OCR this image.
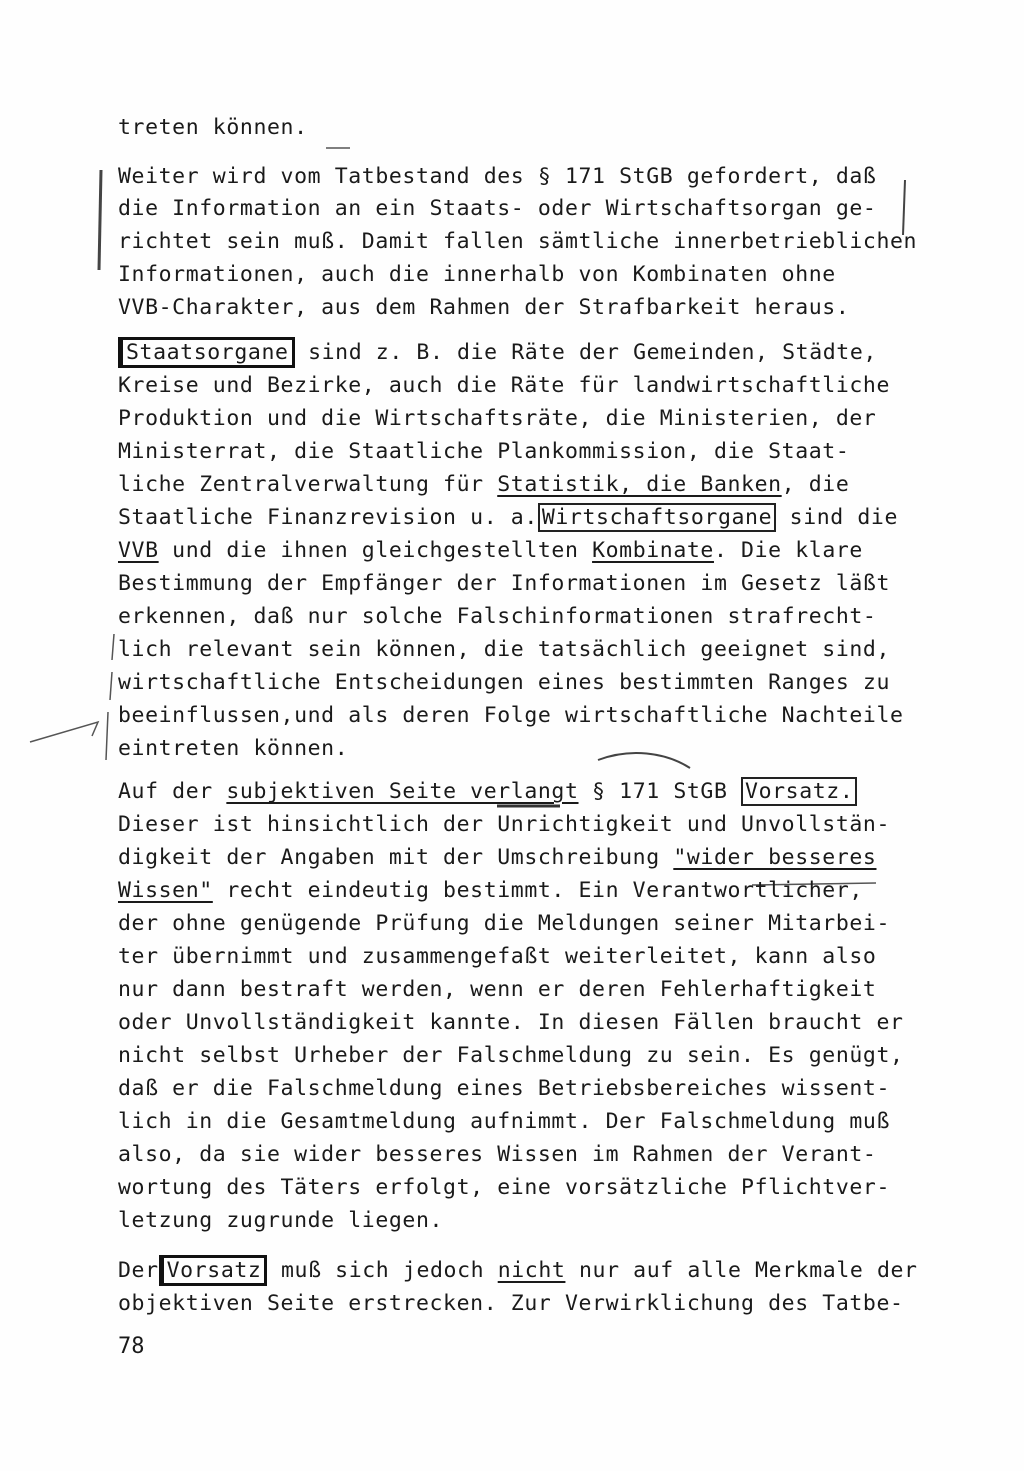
treten können.
Weiter wird vom Tatbestand des § 171 StGB gefordert, daß
die Information an ein Staats- oder Wirtschaftsorgan ge-
richtet sein muß. Damit fallen sämtliche innerbetrieblichen
Informationen, auch die innerhalb von Kombinaten ohne
VVB-Charakter, aus dem Rahmen der Strafbarkeit heraus.
Staatsorgane sind z. B. die Räte der Gemeinden, Städte,
Kreise und Bezirke, auch die Räte für landwirtschaftliche
Produktion und die Wirtschaftsräte, die Ministerien, der
Ministerrat, die Staatliche Plankommission, die Staat-
liche Zentralverwaltung für Statistik, die Banken, die
Staatliche Finanzrevision u. a. Wirtschaftsorgane sind die
VVB und die ihnen gleichgestellten Kombinate. Die klare
Bestimmung der Empfänger der Informationen im Gesetz läßt
erkennen, daß nur solche Falschinformationen strafrecht-
lich relevant sein können, die tatsächlich geeignet sind,
wirtschaftliche Entscheidungen eines bestimmten Ranges zu
beeinflussen,und als deren Folge wirtschaftliche Nachteile
eintreten können.
Auf der subjektiven Seite verlangt § 171 StGB Vorsatz.
Dieser ist hinsichtlich der Unrichtigkeit und Unvollstän-
digkeit der Angaben mit der Umschreibung "wider besseres
Wissen" recht eindeutig bestimmt. Ein Verantwortlicher,
der ohne genügende Prüfung die Meldungen seiner Mitarbei-
ter übernimmt und zusammengefaßt weiterleitet, kann also
nur dann bestraft werden, wenn er deren Fehlerhaftigkeit
oder Unvollständigkeit kannte. In diesen Fällen braucht er
nicht selbst Urheber der Falschmeldung zu sein. Es genügt,
daß er die Falschmeldung eines Betriebsbereiches wissent-
lich in die Gesamtmeldung aufnimmt. Der Falschmeldung muß
also, da sie wider besseres Wissen im Rahmen der Verant-
wortung des Täters erfolgt, eine vorsätzliche Pflichtver-
letzung zugrunde liegen.
Der Vorsatz muß sich jedoch nicht nur auf alle Merkmale der
objektiven Seite erstrecken. Zur Verwirklichung des Tatbe-
78
